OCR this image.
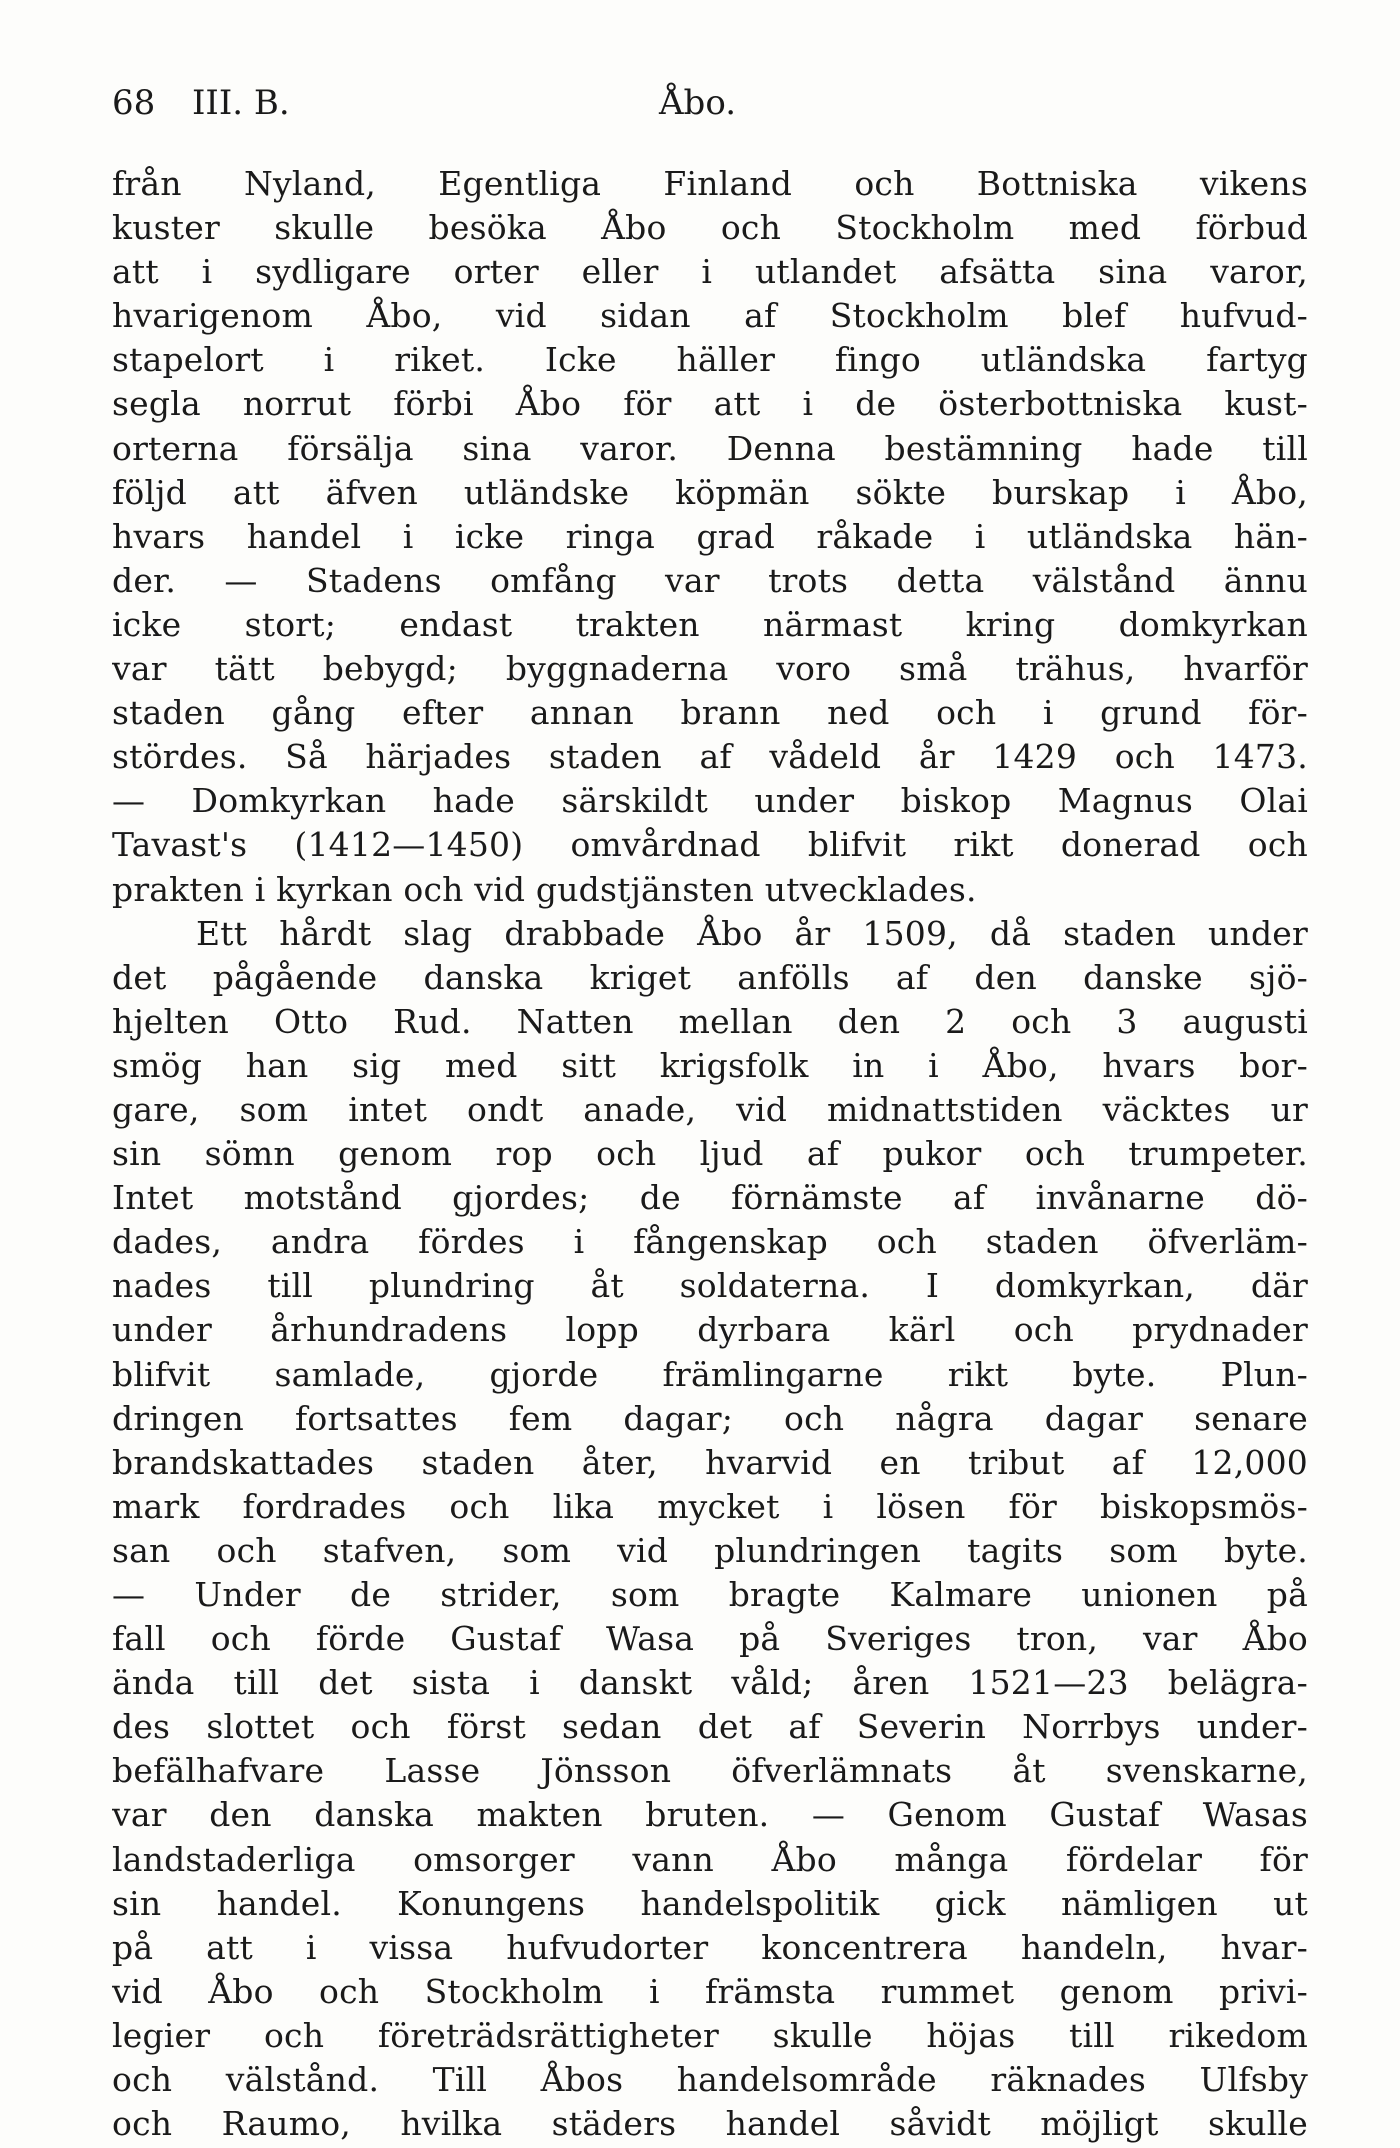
68 III. B.	Åbo.
från Nyland, Egentliga Finland och Bottniska vikens
kuster skulle besöka Åbo och Stockholm med förbud
att i sydligare orter eller i utlandet afsätta sina varor,
hvarigenom Åbo, vid sidan af Stockholm blef hufvud-
stapelort i riket. Icke häller fingo utländska fartyg
segla norrut förbi Åbo för att i de österbottniska kust-
orterna försälja sina varor. Denna bestämning hade till
följd att äfven utländske köpmän sökte burskap i Åbo,
hvars handel i icke ringa grad råkade i utländska hän-
der. — Stadens omfång var trots detta välstånd ännu
icke stort; endast trakten närmast kring domkyrkan
var tätt bebygd; byggnaderna voro små trähus, hvarför
staden gång efter annan brann ned och i grund för-
stördes. Så härjades staden af vådeld år 1429 och 1473.
— Domkyrkan hade särskildt under biskop Magnus Olai
Tavast's (1412—1450) omvårdnad blifvit rikt donerad och
prakten i kyrkan och vid gudstjänsten utvecklades.
Ett hårdt slag drabbade Åbo år 1509, då staden under
det pågående danska kriget anfölls af den danske sjö-
hjelten Otto Rud. Natten mellan den 2 och 3 augusti
smög han sig med sitt krigsfolk in i Åbo, hvars bor-
gare, som intet ondt anade, vid midnattstiden väcktes ur
sin sömn genom rop och ljud af pukor och trumpeter.
Intet motstånd gjordes; de förnämste af invånarne dö-
dades, andra fördes i fångenskap och staden öfverläm-
nades till plundring åt soldaterna. I domkyrkan, där
under århundradens lopp dyrbara kärl och prydnader
blifvit samlade, gjorde främlingarne rikt byte. Plun-
dringen fortsattes fem dagar; och några dagar senare
brandskattades staden åter, hvarvid en tribut af 12,000
mark fordrades och lika mycket i lösen för biskopsmös-
san och stafven, som vid plundringen tagits som byte.
— Under de strider, som bragte Kalmare unionen på
fall och förde Gustaf Wasa på Sveriges tron, var Åbo
ända till det sista i danskt våld; åren 1521—23 belägra-
des slottet och först sedan det af Severin Norrbys under-
befälhafvare Lasse Jönsson öfverlämnats åt svenskarne,
var den danska makten bruten. — Genom Gustaf Wasas
landstaderliga omsorger vann Åbo många fördelar för
sin handel. Konungens handelspolitik gick nämligen ut
på att i vissa hufvudorter koncentrera handeln, hvar-
vid Åbo och Stockholm i främsta rummet genom privi-
legier och företrädsrättigheter skulle höjas till rikedom
och välstånd. Till Åbos handelsområde räknades Ulfsby
och Raumo, hvilka städers handel såvidt möjligt skulle
